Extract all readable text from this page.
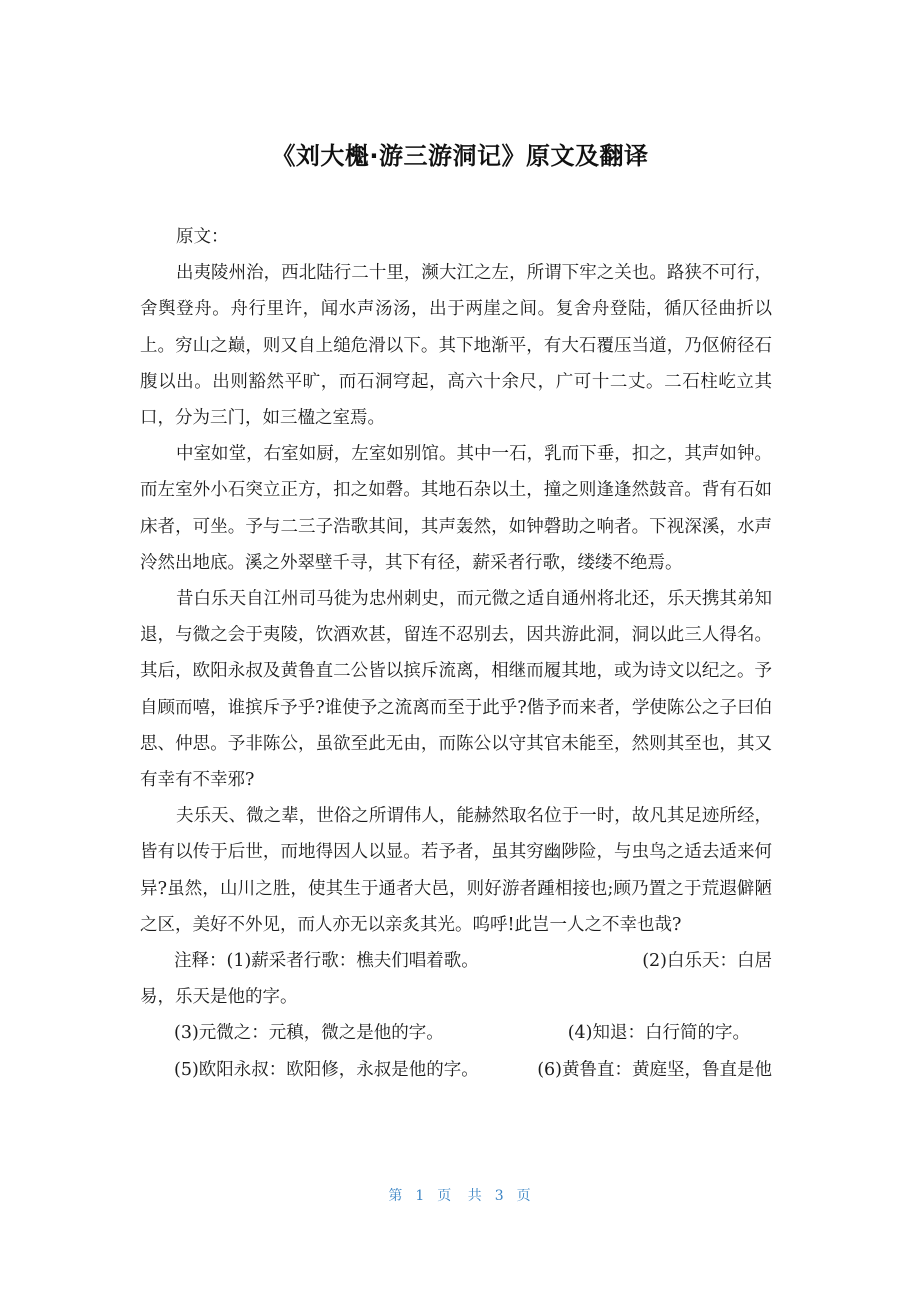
《刘大櫆·游三游洞记》原文及翻译

原文：

出夷陵州治，西北陆行二十里，濒大江之左，所谓下牢之关也。路狭不可行，舍舆登舟。舟行里许，闻水声汤汤，出于两崖之间。复舍舟登陆，循仄径曲折以上。穷山之巅，则又自上缒危滑以下。其下地渐平，有大石覆压当道，乃伛俯径石腹以出。出则豁然平旷，而石洞穹起，高六十余尺，广可十二丈。二石柱屹立其口，分为三门，如三楹之室焉。

中室如堂，右室如厨，左室如别馆。其中一石，乳而下垂，扣之，其声如钟。而左室外小石突立正方，扣之如磬。其地石杂以土，撞之则逢逢然鼓音。背有石如床者，可坐。予与二三子浩歌其间，其声轰然，如钟磬助之响者。下视深溪，水声泠然出地底。溪之外翠壁千寻，其下有径，薪采者行歌，缕缕不绝焉。

昔白乐天自江州司马徙为忠州刺史，而元微之适自通州将北还，乐天携其弟知退，与微之会于夷陵，饮酒欢甚，留连不忍别去，因共游此洞，洞以此三人得名。其后，欧阳永叔及黄鲁直二公皆以摈斥流离，相继而履其地，或为诗文以纪之。予自顾而嘻，谁摈斥予乎?谁使予之流离而至于此乎?偕予而来者，学使陈公之子曰伯思、仲思。予非陈公，虽欲至此无由，而陈公以守其官未能至，然则其至也，其又有幸有不幸邪?

夫乐天、微之辈，世俗之所谓伟人，能赫然取名位于一时，故凡其足迹所经，皆有以传于后世，而地得因人以显。若予者，虽其穷幽陟险，与虫鸟之适去适来何异?虽然，山川之胜，使其生于通者大邑，则好游者踵相接也;顾乃置之于荒遐僻陋之区，美好不外见，而人亦无以亲炙其光。呜呼!此岂一人之不幸也哉?

注释：(1)薪采者行歌：樵夫们唱着歌。	(2)白乐天：白居

易，乐天是他的字。

(3)元微之：元稹，微之是他的字。	(4)知退：白行简的字。
(5)欧阳永叔：欧阳修，永叔是他的字。	(6)黄鲁直：黄庭坚，鲁直是他
第 1 页 共 3 页
